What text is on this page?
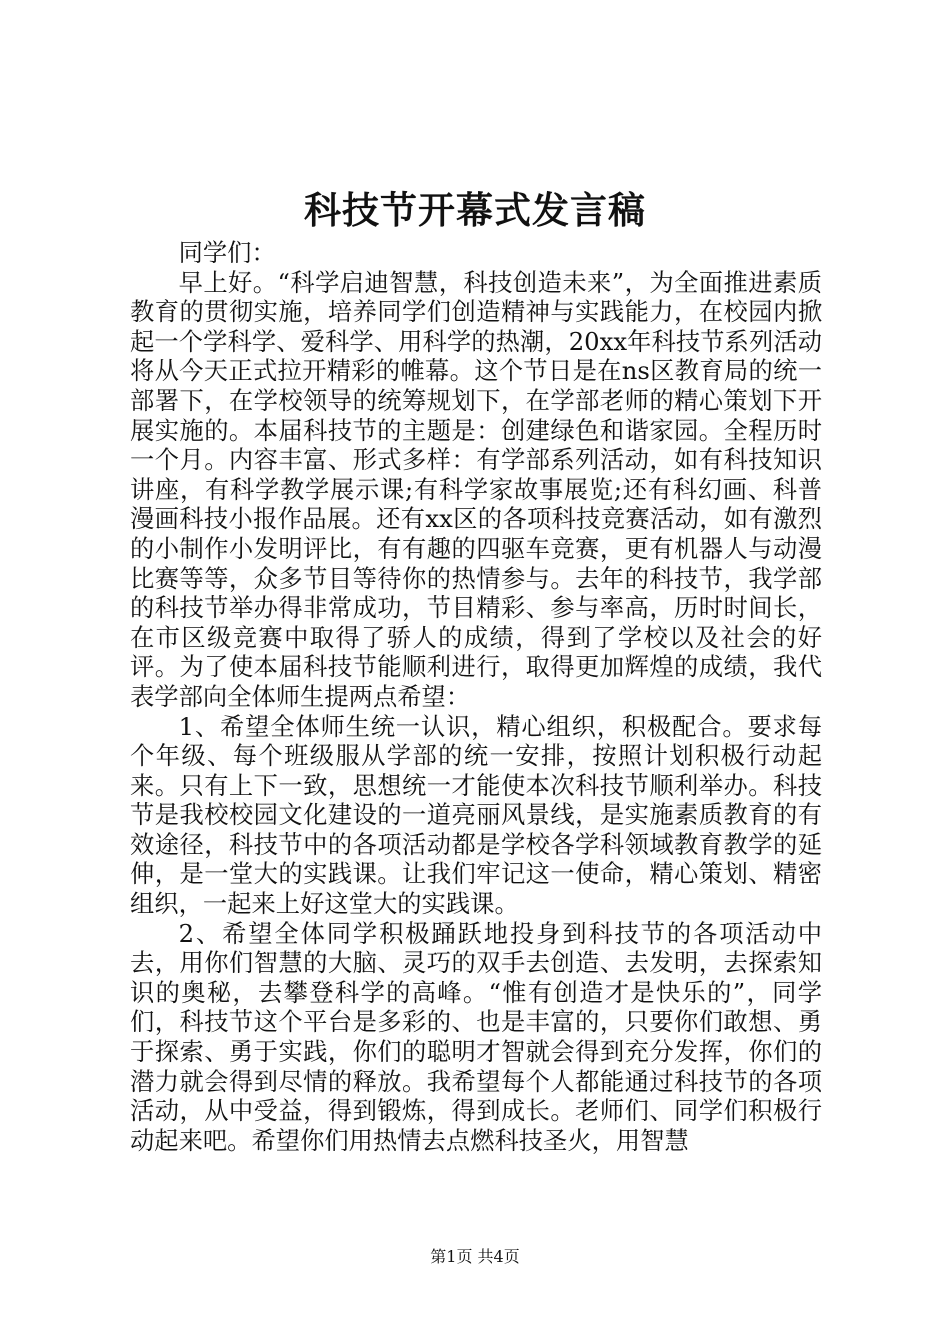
科技节开幕式发言稿

同学们：

早上好。“科学启迪智慧，科技创造未来”，为全面推进素质教育的贯彻实施，培养同学们创造精神与实践能力，在校园内掀起一个学科学、爱科学、用科学的热潮，20xx年科技节系列活动将从今天正式拉开精彩的帷幕。这个节日是在ns区教育局的统一部署下，在学校领导的统筹规划下，在学部老师的精心策划下开展实施的。本届科技节的主题是：创建绿色和谐家园。全程历时一个月。内容丰富、形式多样：有学部系列活动，如有科技知识讲座，有科学教学展示课;有科学家故事展览;还有科幻画、科普漫画科技小报作品展。还有xx区的各项科技竞赛活动，如有激烈的小制作小发明评比，有有趣的四驱车竞赛，更有机器人与动漫比赛等等，众多节目等待你的热情参与。去年的科技节，我学部的科技节举办得非常成功，节目精彩、参与率高，历时时间长，在市区级竞赛中取得了骄人的成绩，得到了学校以及社会的好评。为了使本届科技节能顺利进行，取得更加辉煌的成绩，我代表学部向全体师生提两点希望：

1、希望全体师生统一认识，精心组织，积极配合。要求每个年级、每个班级服从学部的统一安排，按照计划积极行动起来。只有上下一致，思想统一才能使本次科技节顺利举办。科技节是我校校园文化建设的一道亮丽风景线，是实施素质教育的有效途径，科技节中的各项活动都是学校各学科领域教育教学的延伸，是一堂大的实践课。让我们牢记这一使命，精心策划、精密组织，一起来上好这堂大的实践课。

2、希望全体同学积极踊跃地投身到科技节的各项活动中去，用你们智慧的大脑、灵巧的双手去创造、去发明，去探索知识的奥秘，去攀登科学的高峰。“惟有创造才是快乐的”，同学们，科技节这个平台是多彩的、也是丰富的，只要你们敢想、勇于探索、勇于实践，你们的聪明才智就会得到充分发挥，你们的潜力就会得到尽情的释放。我希望每个人都能通过科技节的各项活动，从中受益，得到锻炼，得到成长。老师们、同学们积极行动起来吧。希望你们用热情去点燃科技圣火，用智慧

第1页 共4页
